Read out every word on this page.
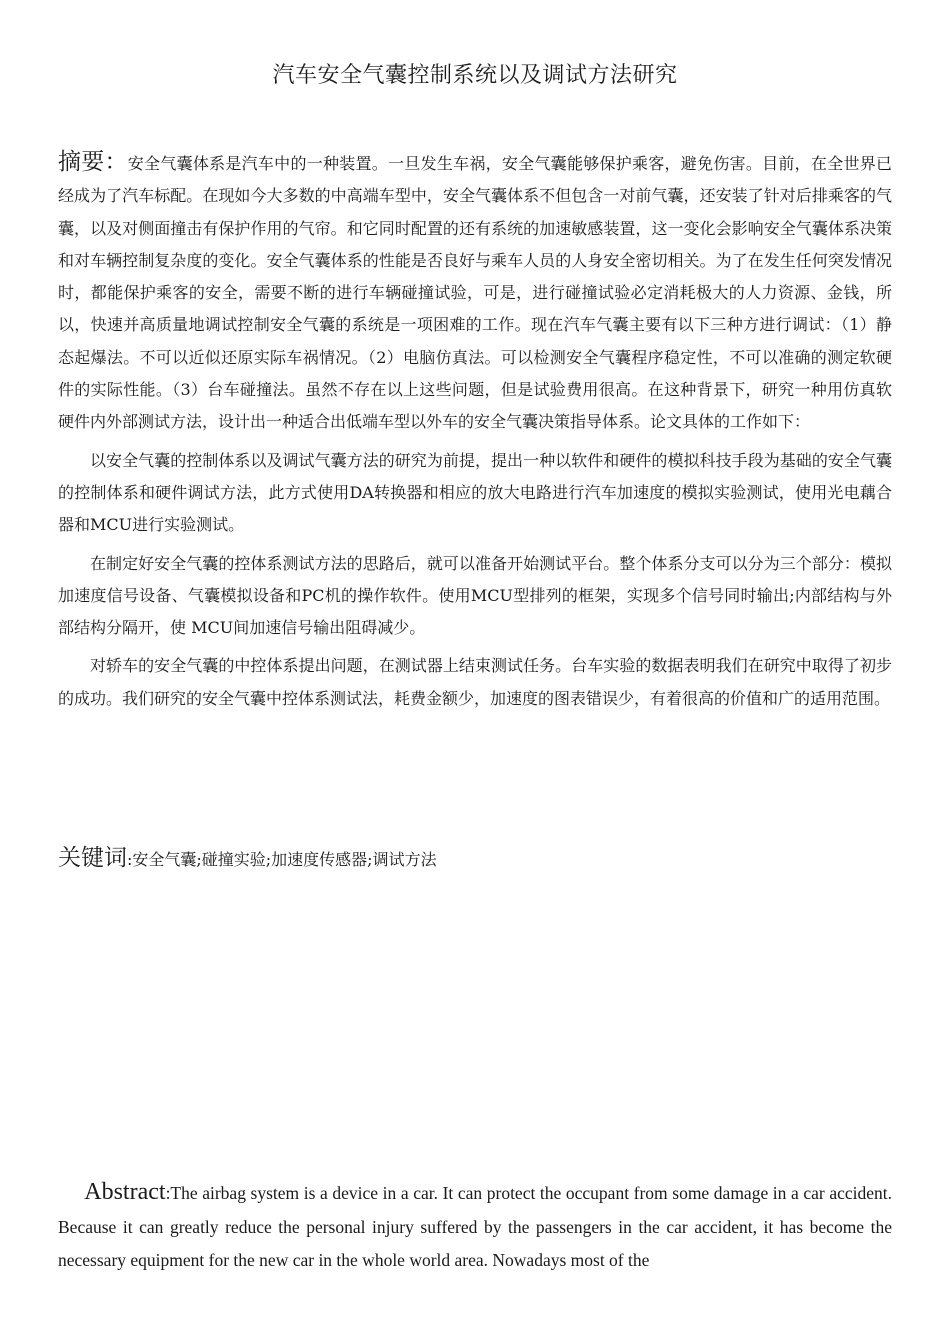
汽车安全气囊控制系统以及调试方法研究

摘要：安全气囊体系是汽车中的一种装置。一旦发生车祸，安全气囊能够保护乘客，避免伤害。目前，在全世界已经成为了汽车标配。在现如今大多数的中高端车型中，安全气囊体系不但包含一对前气囊，还安装了针对后排乘客的气囊，以及对侧面撞击有保护作用的气帘。和它同时配置的还有系统的加速敏感装置，这一变化会影响安全气囊体系决策和对车辆控制复杂度的变化。安全气囊体系的性能是否良好与乘车人员的人身安全密切相关。为了在发生任何突发情况时，都能保护乘客的安全，需要不断的进行车辆碰撞试验，可是，进行碰撞试验必定消耗极大的人力资源、金钱，所以，快速并高质量地调试控制安全气囊的系统是一项困难的工作。现在汽车气囊主要有以下三种方进行调试：（1）静态起爆法。不可以近似还原实际车祸情况。（2）电脑仿真法。可以检测安全气囊程序稳定性，不可以准确的测定软硬件的实际性能。（3）台车碰撞法。虽然不存在以上这些问题，但是试验费用很高。在这种背景下，研究一种用仿真软硬件内外部测试方法，设计出一种适合出低端车型以外车的安全气囊决策指导体系。论文具体的工作如下：

以安全气囊的控制体系以及调试气囊方法的研究为前提，提出一种以软件和硬件的模拟科技手段为基础的安全气囊的控制体系和硬件调试方法，此方式使用DA转换器和相应的放大电路进行汽车加速度的模拟实验测试，使用光电藕合器和MCU进行实验测试。

在制定好安全气囊的控体系测试方法的思路后，就可以准备开始测试平台。整个体系分支可以分为三个部分：模拟加速度信号设备、气囊模拟设备和PC机的操作软件。使用MCU型排列的框架，实现多个信号同时输出;内部结构与外部结构分隔开，使 MCU间加速信号输出阻碍减少。

对轿车的安全气囊的中控体系提出问题，在测试器上结束测试任务。台车实验的数据表明我们在研究中取得了初步的成功。我们研究的安全气囊中控体系测试法，耗费金额少，加速度的图表错误少，有着很高的价值和广的适用范围。

关键词:安全气囊;碰撞实验;加速度传感器;调试方法

Abstract:The airbag system is a device in a car. It can protect the occupant from some damage in a car accident. Because it can greatly reduce the personal injury suffered by the passengers in the car accident, it has become the necessary equipment for the new car in the whole world area. Nowadays most of the
